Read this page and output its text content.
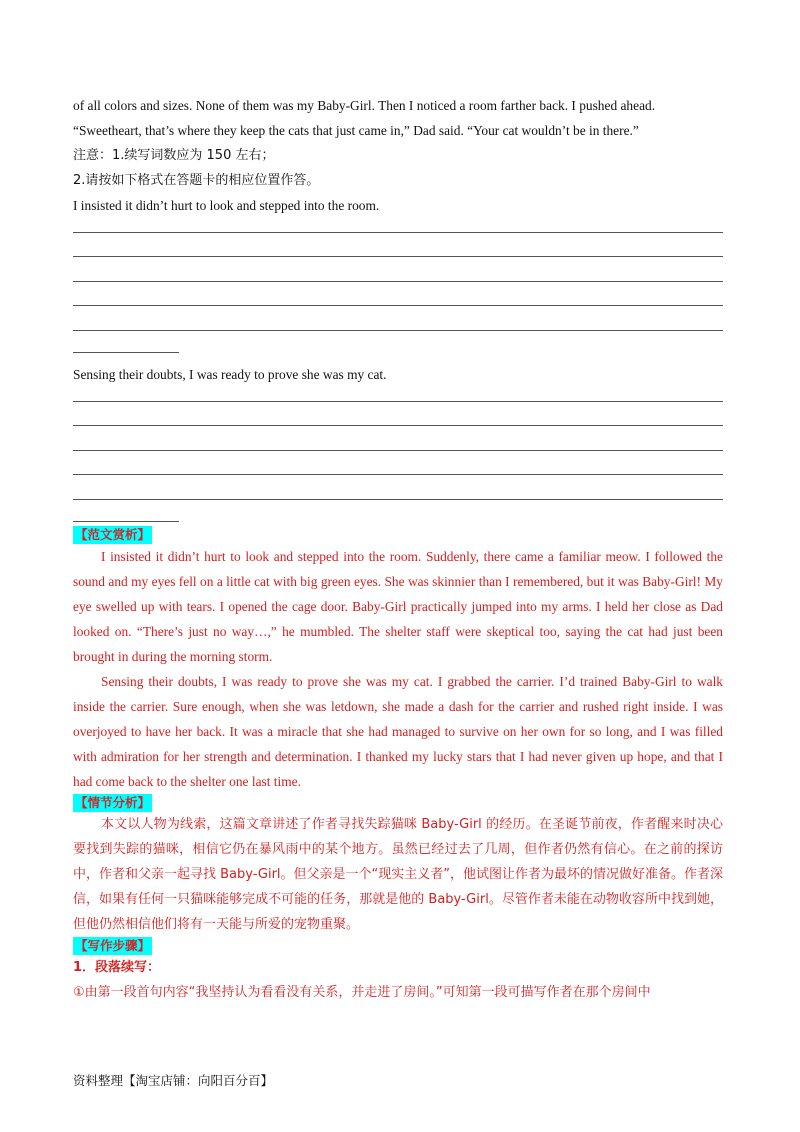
of all colors and sizes. None of them was my Baby-Girl. Then I noticed a room farther back. I pushed ahead.

“Sweetheart, that’s where they keep the cats that just came in,” Dad said. “Your cat wouldn’t be in there.”

注意：1.续写词数应为 150 左右；

2.请按如下格式在答题卡的相应位置作答。

I insisted it didn’t hurt to look and stepped into the room.

Sensing their doubts, I was ready to prove she was my cat.

【范文赏析】

I insisted it didn’t hurt to look and stepped into the room. Suddenly, there came a familiar meow. I followed the sound and my eyes fell on a little cat with big green eyes. She was skinnier than I remembered, but it was Baby-Girl! My eye swelled up with tears. I opened the cage door. Baby-Girl practically jumped into my arms. I held her close as Dad looked on. “There’s just no way…,” he mumbled. The shelter staff were skeptical too, saying the cat had just been brought in during the morning storm.

Sensing their doubts, I was ready to prove she was my cat. I grabbed the carrier. I’d trained Baby-Girl to walk inside the carrier. Sure enough, when she was letdown, she made a dash for the carrier and rushed right inside. I was overjoyed to have her back. It was a miracle that she had managed to survive on her own for so long, and I was filled with admiration for her strength and determination. I thanked my lucky stars that I had never given up hope, and that I had come back to the shelter one last time.

【情节分析】

本文以人物为线索，这篇文章讲述了作者寻找失踪猫咪 Baby-Girl 的经历。在圣诞节前夜，作者醒来时决心要找到失踪的猫咪，相信它仍在暴风雨中的某个地方。虽然已经过去了几周，但作者仍然有信心。在之前的探访中，作者和父亲一起寻找 Baby-Girl。但父亲是一个“现实主义者”，他试图让作者为最坏的情况做好准备。作者深信，如果有任何一只猫咪能够完成不可能的任务，那就是他的 Baby-Girl。尽管作者未能在动物收容所中找到她，但他仍然相信他们将有一天能与所爱的宠物重聚。

【写作步骤】

1．段落续写：

①由第一段首句内容“我坚持认为看看没有关系，并走进了房间。”可知第一段可描写作者在那个房间中

资料整理【淘宝店铺：向阳百分百】
